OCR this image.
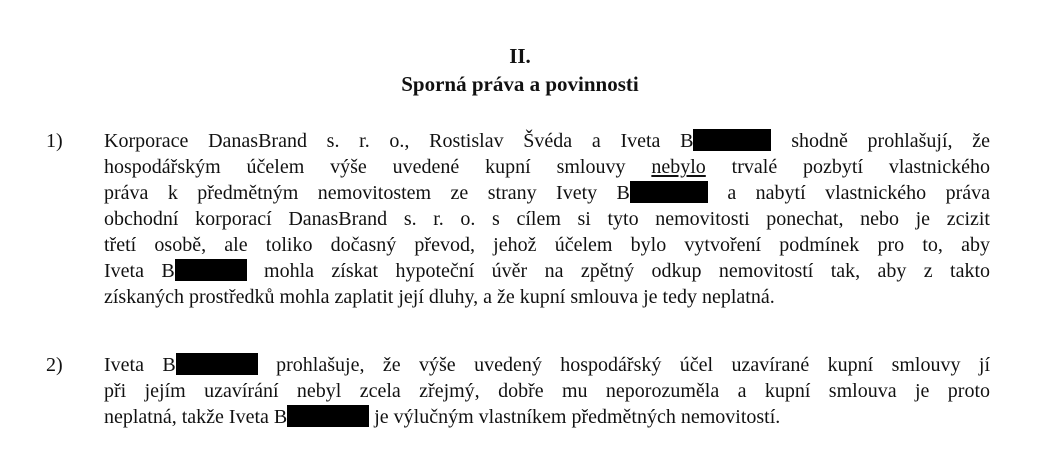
II.
Sporná práva a povinnosti
1)	Korporace DanasBrand s. r. o., Rostislav Švéda a Iveta B	shodně prohlašují, že
hospodářským účelem výše uvedené kupní smlouvy nebylo trvalé pozbytí vlastnického
práva k předmětným nemovitostem ze strany Ivety B	a nabytí vlastnického práva
obchodní korporací DanasBrand s. r. o. s cílem si tyto nemovitosti ponechat, nebo je zcizit
třetí osobě, ale toliko dočasný převod, jehož účelem bylo vytvoření podmínek pro to, aby
Iveta B	mohla získat hypoteční úvěr na zpětný odkup nemovitostí tak, aby z takto
získaných prostředků mohla zaplatit její dluhy, a že kupní smlouva je tedy neplatná.
2)	Iveta B	prohlašuje, že výše uvedený hospodářský účel uzavírané kupní smlouvy jí
při jejím uzavírání nebyl zcela zřejmý, dobře mu neporozuměla a kupní smlouva je proto
neplatná, takže Iveta B	je výlučným vlastníkem předmětných nemovitostí.
